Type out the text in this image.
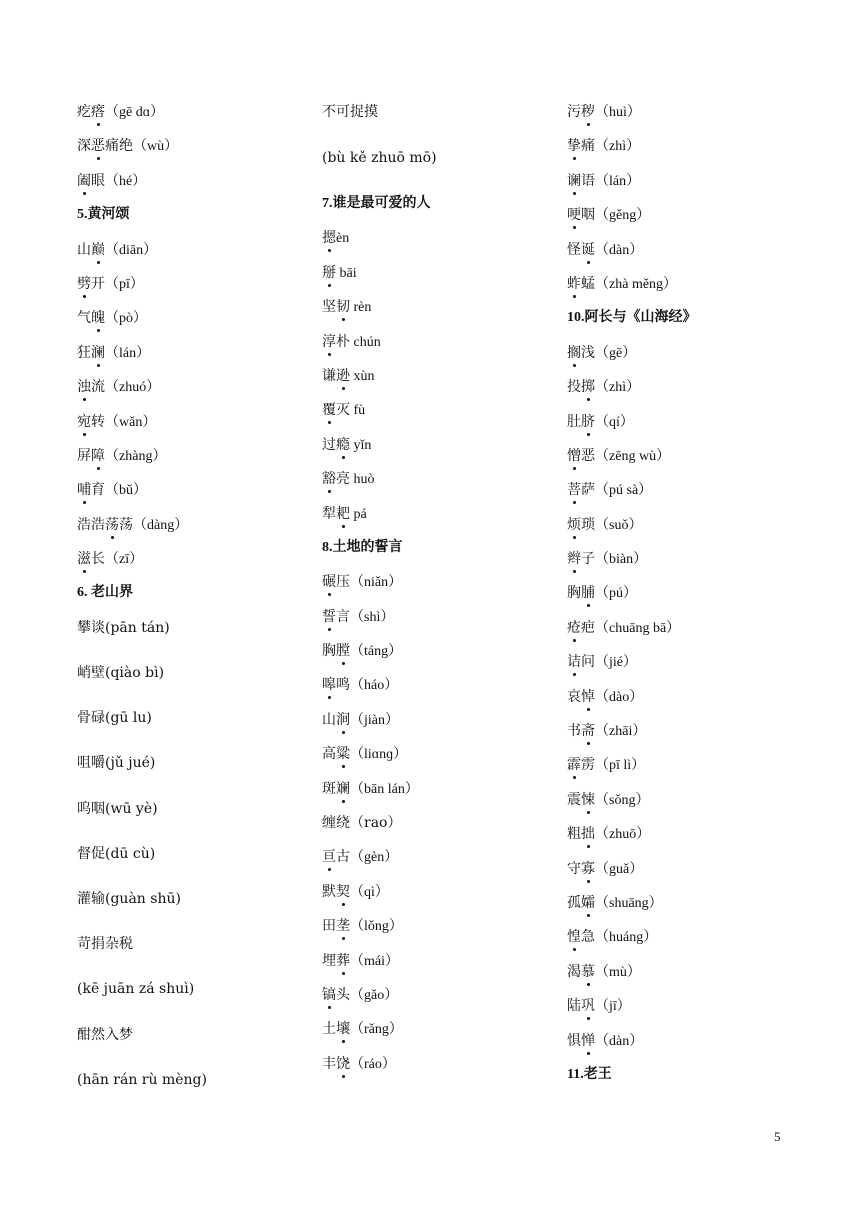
疙瘩（gē dɑ）
深恶痛绝（wù）
阖眼（hé）
5.黄河颂
山巅（diān）
劈开（pī）
气魄（pò）
狂澜（lán）
浊流（zhuó）
宛转（wǎn）
屏障（zhàng）
哺育（bǔ）
浩浩荡荡（dàng）
滋长（zī）
6. 老山界
攀谈(pān tán)
峭壁(qiào bì)
骨碌(gū lu)
咀嚼(jǔ jué)
呜咽(wū yè)
督促(dū cù)
灌输(guàn shū)
苛捐杂税
(kē juān zá shuì)
酣然入梦
(hān rán rù mèng)
不可捉摸
(bù kě zhuō mō)
7.谁是最可爱的人
摁èn
掰 bāi
坚韧 rèn
淳朴 chún
谦逊 xùn
覆灭 fù
过瘾 yǐn
豁亮 huò
犁耙 pá
8.土地的誓言
碾压（niǎn）
誓言（shì）
胸膛（táng）
嗥鸣（háo）
山涧（jiàn）
高粱（liɑnɡ）
斑斓（bān lán）
缠绕（rao）
亘古（gèn）
默契（qì）
田垄（lǒng）
埋葬（mái）
镐头（gǎo）
土壤（rǎng）
丰饶（ráo）
污秽（huì）
挚痛（zhì）
谰语（lán）
哽咽（gěng）
怪诞（dàn）
蚱蜢（zhà měng）
10.阿长与《山海经》
搁浅（gē）
投掷（zhì）
肚脐（qí）
憎恶（zēng wù）
菩萨（pú sà）
烦琐（suǒ）
辫子（biàn）
胸脯（pú）
疮疤（chuāng bā）
诘问（jié）
哀悼（dào）
书斋（zhāi）
霹雳（pī lì）
震悚（sǒng）
粗拙（zhuō）
守寡（guǎ）
孤孀（shuāng）
惶急（huáng）
渴慕（mù）
陆巩（jī）
惧惮（dàn）
11.老王
5
